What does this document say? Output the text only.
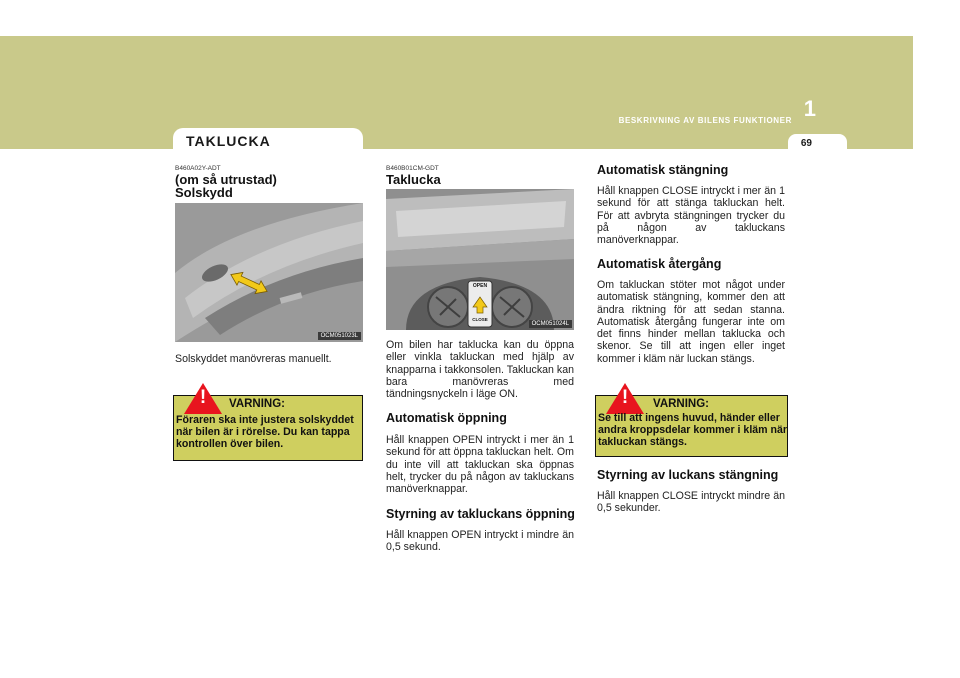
1
BESKRIVNING AV BILENS FUNKTIONER
69
TAKLUCKA
B460A02Y-ADT
(om så utrustad)
Solskydd
OCM051023L

Solskyddet manövreras manuellt.

!	VARNING:

Föraren ska inte justera solskyddet när bilen är i rörelse. Du kan tappa kontrollen över bilen.

B460B01CM-GDT
Taklucka
OPEN
CLOSE
OCM051024L

Om bilen har taklucka kan du öppna eller vinkla takluckan med hjälp av knapparna i takkonsolen. Takluckan kan bara manövreras med tändningsnyckeln i läge ON.

Automatisk öppning

Håll knappen OPEN intryckt i mer än 1 sekund för att öppna takluckan helt. Om du inte vill att takluckan ska öppnas helt, trycker du på någon av takluckans manöverknappar.

Styrning av takluckans öppning

Håll knappen OPEN intryckt i mindre än 0,5 sekund.

Automatisk stängning

Håll knappen CLOSE intryckt i mer än 1 sekund för att stänga takluckan helt. För att avbryta stängningen trycker du på någon av takluckans manöverknappar.

Automatisk återgång

Om takluckan stöter mot något under automatisk stängning, kommer den att ändra riktning för att sedan stanna. Automatisk återgång fungerar inte om det finns hinder mellan taklucka och skenor. Se till att ingen eller inget kommer i kläm när luckan stängs.

!	VARNING:

Se till att ingens huvud, händer eller andra kroppsdelar kommer i kläm när takluckan stängs.

Styrning av luckans stängning

Håll knappen CLOSE intryckt mindre än 0,5 sekunder.
